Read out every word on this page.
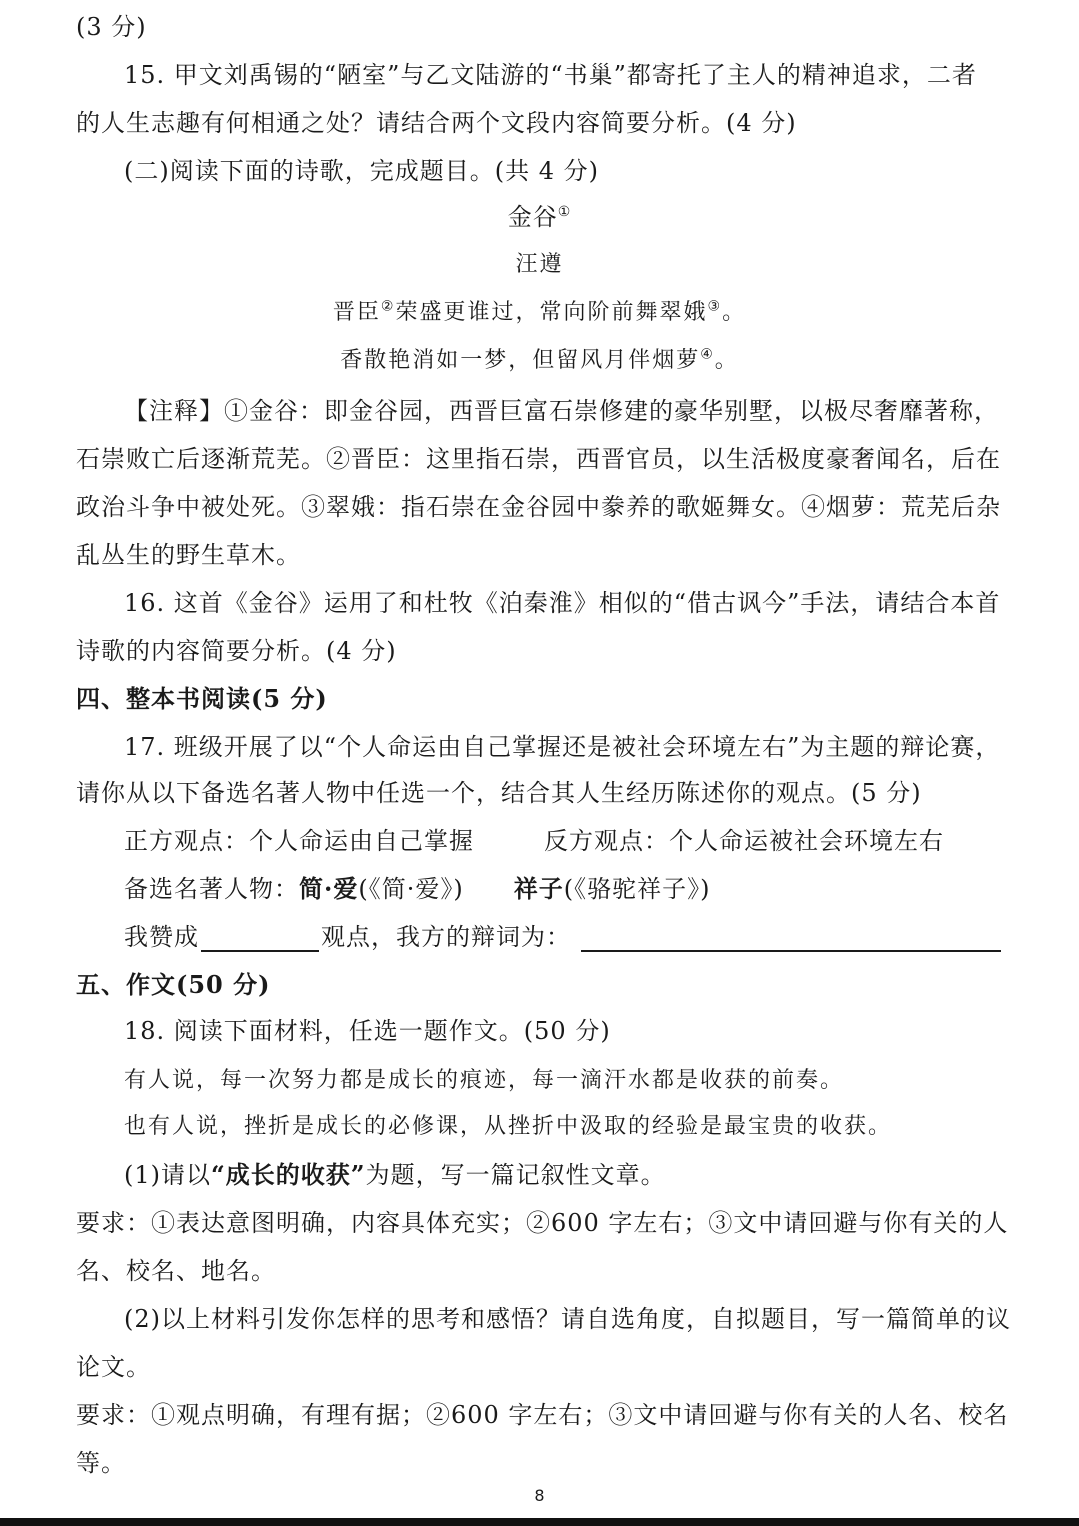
(3 分)
15. 甲文刘禹锡的“陋室”与乙文陆游的“书巢”都寄托了主人的精神追求，二者
的人生志趣有何相通之处？请结合两个文段内容简要分析。(4 分)
(二)阅读下面的诗歌，完成题目。(共 4 分)
金谷①
汪遵
晋臣②荣盛更谁过，常向阶前舞翠娥③。
香散艳消如一梦，但留风月伴烟萝④。
【注释】①金谷：即金谷园，西晋巨富石崇修建的豪华别墅，以极尽奢靡著称，
石崇败亡后逐渐荒芜。②晋臣：这里指石崇，西晋官员，以生活极度豪奢闻名，后在
政治斗争中被处死。③翠娥：指石崇在金谷园中豢养的歌姬舞女。④烟萝：荒芜后杂
乱丛生的野生草木。
16. 这首《金谷》运用了和杜牧《泊秦淮》相似的“借古讽今”手法，请结合本首
诗歌的内容简要分析。(4 分)
四、整本书阅读(5 分)
17. 班级开展了以“个人命运由自己掌握还是被社会环境左右”为主题的辩论赛，
请你从以下备选名著人物中任选一个，结合其人生经历陈述你的观点。(5 分)
正方观点：个人命运由自己掌握	反方观点：个人命运被社会环境左右
备选名著人物：简·爱(《简·爱》) 祥子(《骆驼祥子》)
我赞成	观点，我方的辩词为：
五、作文(50 分)
18. 阅读下面材料，任选一题作文。(50 分)
有人说，每一次努力都是成长的痕迹，每一滴汗水都是收获的前奏。
也有人说，挫折是成长的必修课，从挫折中汲取的经验是最宝贵的收获。
(1)请以“成长的收获”为题，写一篇记叙性文章。
要求：①表达意图明确，内容具体充实；②600 字左右；③文中请回避与你有关的人
名、校名、地名。
(2)以上材料引发你怎样的思考和感悟？请自选角度，自拟题目，写一篇简单的议
论文。
要求：①观点明确，有理有据；②600 字左右；③文中请回避与你有关的人名、校名
等。
8
